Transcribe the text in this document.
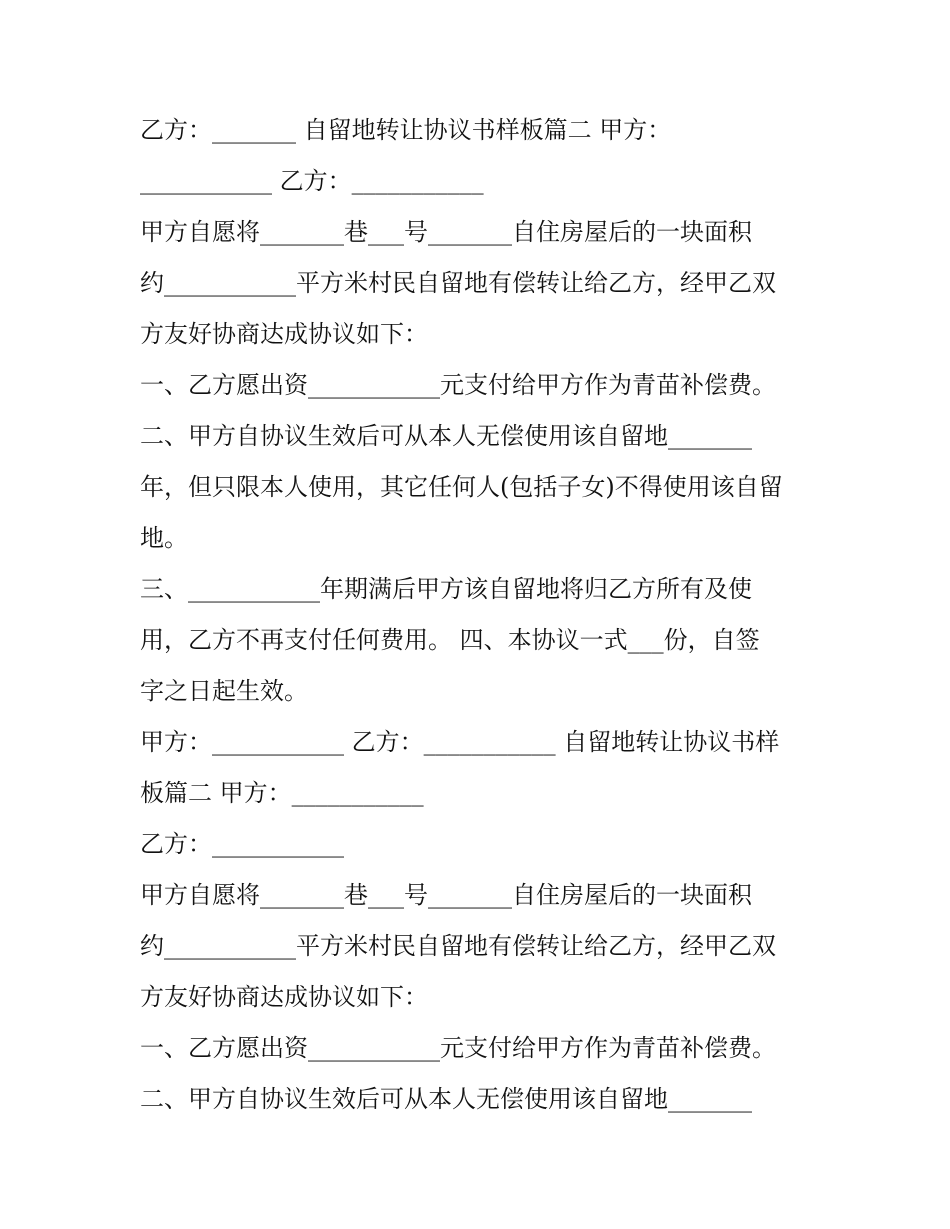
乙方：_______ 自留地转让协议书样板篇二 甲方：
___________ 乙方：___________
甲方自愿将_______巷___号_______自住房屋后的一块面积
约___________平方米村民自留地有偿转让给乙方，经甲乙双
方友好协商达成协议如下：
一、乙方愿出资___________元支付给甲方作为青苗补偿费。
二、甲方自协议生效后可从本人无偿使用该自留地_______
年，但只限本人使用，其它任何人(包括子女)不得使用该自留
地。
三、___________年期满后甲方该自留地将归乙方所有及使
用，乙方不再支付任何费用。 四、本协议一式___份，自签
字之日起生效。
甲方：___________ 乙方：___________ 自留地转让协议书样
板篇二 甲方：___________
乙方：___________
甲方自愿将_______巷___号_______自住房屋后的一块面积
约___________平方米村民自留地有偿转让给乙方，经甲乙双
方友好协商达成协议如下：
一、乙方愿出资___________元支付给甲方作为青苗补偿费。
二、甲方自协议生效后可从本人无偿使用该自留地_______
